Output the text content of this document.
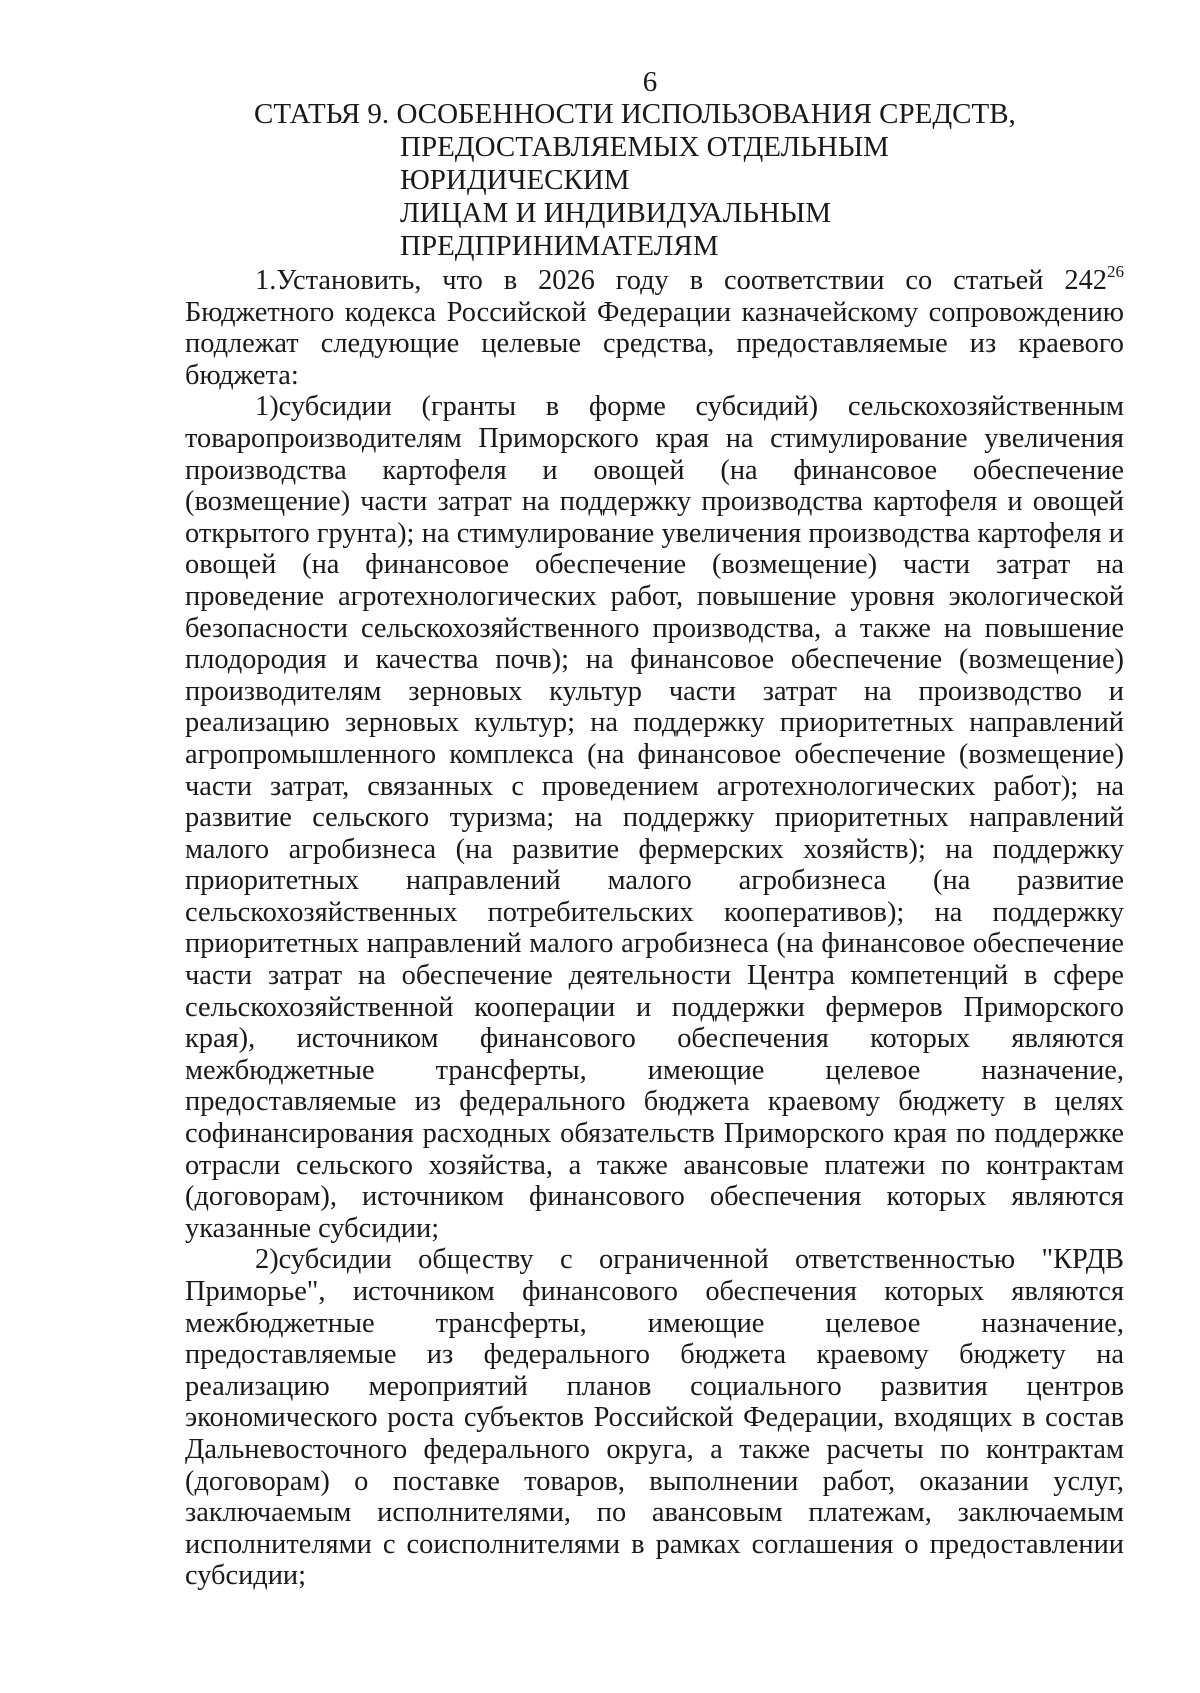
6
СТАТЬЯ 9. ОСОБЕННОСТИ ИСПОЛЬЗОВАНИЯ СРЕДСТВ,
ПРЕДОСТАВЛЯЕМЫХ ОТДЕЛЬНЫМ ЮРИДИЧЕСКИМ
ЛИЦАМ И ИНДИВИДУАЛЬНЫМ
ПРЕДПРИНИМАТЕЛЯМ

1.Установить, что в 2026 году в соответствии со статьей $242^{26}$ Бюджетного кодекса Российской Федерации казначейскому сопровождению подлежат следующие целевые средства, предоставляемые из краевого бюджета:

1)субсидии (гранты в форме субсидий) сельскохозяйственным товаропроизводителям Приморского края на стимулирование увеличения производства картофеля и овощей (на финансовое обеспечение (возмещение) части затрат на поддержку производства картофеля и овощей открытого грунта); на стимулирование увеличения производства картофеля и овощей (на финансовое обеспечение (возмещение) части затрат на проведение агротехнологических работ, повышение уровня экологической безопасности сельскохозяйственного производства, а также на повышение плодородия и качества почв); на финансовое обеспечение (возмещение) производителям зерновых культур части затрат на производство и реализацию зерновых культур; на поддержку приоритетных направлений агропромышленного комплекса (на финансовое обеспечение (возмещение) части затрат, связанных с проведением агротехнологических работ); на развитие сельского туризма; на поддержку приоритетных направлений малого агробизнеса (на развитие фермерских хозяйств); на поддержку приоритетных направлений малого агробизнеса (на развитие сельскохозяйственных потребительских кооперативов); на поддержку приоритетных направлений малого агробизнеса (на финансовое обеспечение части затрат на обеспечение деятельности Центра компетенций в сфере сельскохозяйственной кооперации и поддержки фермеров Приморского края), источником финансового обеспечения которых являются межбюджетные трансферты, имеющие целевое назначение, предоставляемые из федерального бюджета краевому бюджету в целях софинансирования расходных обязательств Приморского края по поддержке отрасли сельского хозяйства, а также авансовые платежи по контрактам (договорам), источником финансового обеспечения которых являются указанные субсидии;

2)субсидии обществу с ограниченной ответственностью "КРДВ Приморье", источником финансового обеспечения которых являются межбюджетные трансферты, имеющие целевое назначение, предоставляемые из федерального бюджета краевому бюджету на реализацию мероприятий планов социального развития центров экономического роста субъектов Российской Федерации, входящих в состав Дальневосточного федерального округа, а также расчеты по контрактам (договорам) о поставке товаров, выполнении работ, оказании услуг, заключаемым исполнителями, по авансовым платежам, заключаемым исполнителями с соисполнителями в рамках соглашения о предоставлении субсидии;
